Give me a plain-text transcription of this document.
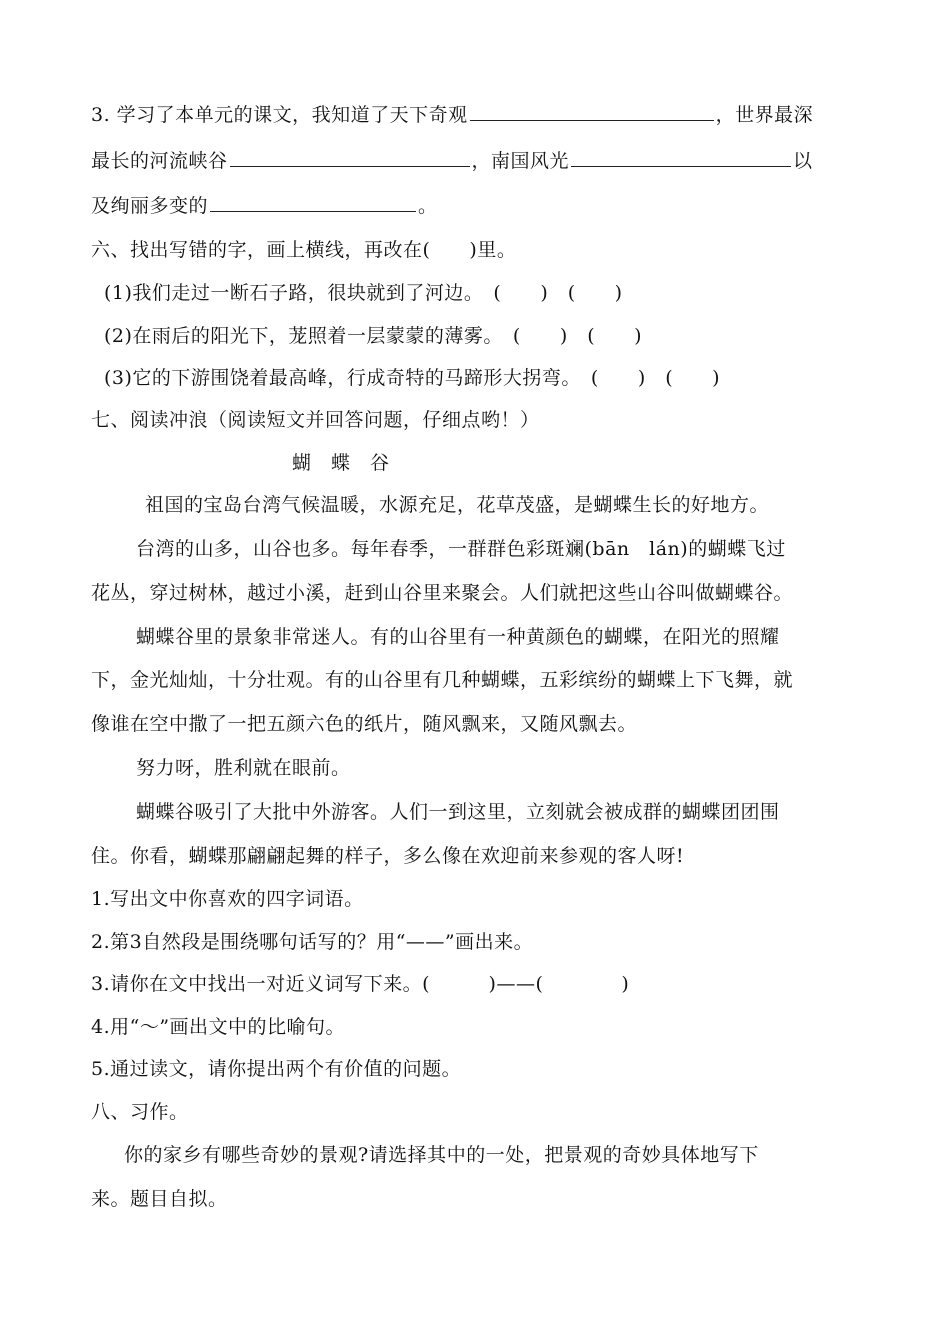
3. 学习了本单元的课文，我知道了天下奇观	，世界最深
最长的河流峡谷	，南国风光	以
及绚丽多变的	。
六、找出写错的字，画上横线，再改在(　　)里。
(1)我们走过一断石子路，很块就到了河边。　(　　)　(　　)
(2)在雨后的阳光下，茏照着一层蒙蒙的薄雾。　(　　)　(　　)
(3)它的下游围饶着最高峰，行成奇特的马蹄形大拐弯。　(　　)　(　　)
七、阅读冲浪（阅读短文并回答问题，仔细点哟！）
蝴蝶谷
祖国的宝岛台湾气候温暖，水源充足，花草茂盛，是蝴蝶生长的好地方。
台湾的山多，山谷也多。每年春季，一群群色彩斑斓(bān　lán)的蝴蝶飞过
花丛，穿过树林，越过小溪，赶到山谷里来聚会。人们就把这些山谷叫做蝴蝶谷。
蝴蝶谷里的景象非常迷人。有的山谷里有一种黄颜色的蝴蝶，在阳光的照耀
下，金光灿灿，十分壮观。有的山谷里有几种蝴蝶，五彩缤纷的蝴蝶上下飞舞，就
像谁在空中撒了一把五颜六色的纸片，随风飘来，又随风飘去。
努力呀，胜利就在眼前。
蝴蝶谷吸引了大批中外游客。人们一到这里，立刻就会被成群的蝴蝶团团围
住。你看，蝴蝶那翩翩起舞的样子，多么像在欢迎前来参观的客人呀!
1.写出文中你喜欢的四字词语。
2.第3自然段是围绕哪句话写的？用“——”画出来。
3.请你在文中找出一对近义词写下来。(　　　)——(　　　　)
4.用“～”画出文中的比喻句。
5.通过读文，请你提出两个有价值的问题。
八、习作。
你的家乡有哪些奇妙的景观?请选择其中的一处，把景观的奇妙具体地写下
来。题目自拟。
